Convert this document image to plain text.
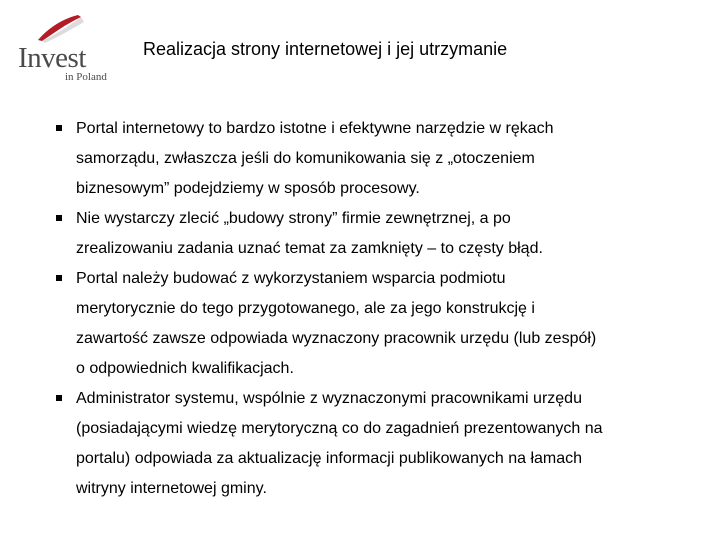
Invest
in Poland
Realizacja strony internetowej i jej utrzymanie
Portal internetowy to bardzo istotne i efektywne narzędzie w rękach
samorządu, zwłaszcza jeśli do komunikowania się z „otoczeniem
biznesowym” podejdziemy w sposób procesowy.
Nie wystarczy zlecić „budowy strony” firmie zewnętrznej, a po
zrealizowaniu zadania uznać temat za zamknięty – to częsty błąd.
Portal należy budować z wykorzystaniem wsparcia podmiotu
merytorycznie do tego przygotowanego, ale za jego konstrukcję i
zawartość zawsze odpowiada wyznaczony pracownik urzędu (lub zespół)
o odpowiednich kwalifikacjach.
Administrator systemu, wspólnie z wyznaczonymi pracownikami urzędu
(posiadającymi wiedzę merytoryczną co do zagadnień prezentowanych na
portalu) odpowiada za aktualizację informacji publikowanych na łamach
witryny internetowej gminy.
